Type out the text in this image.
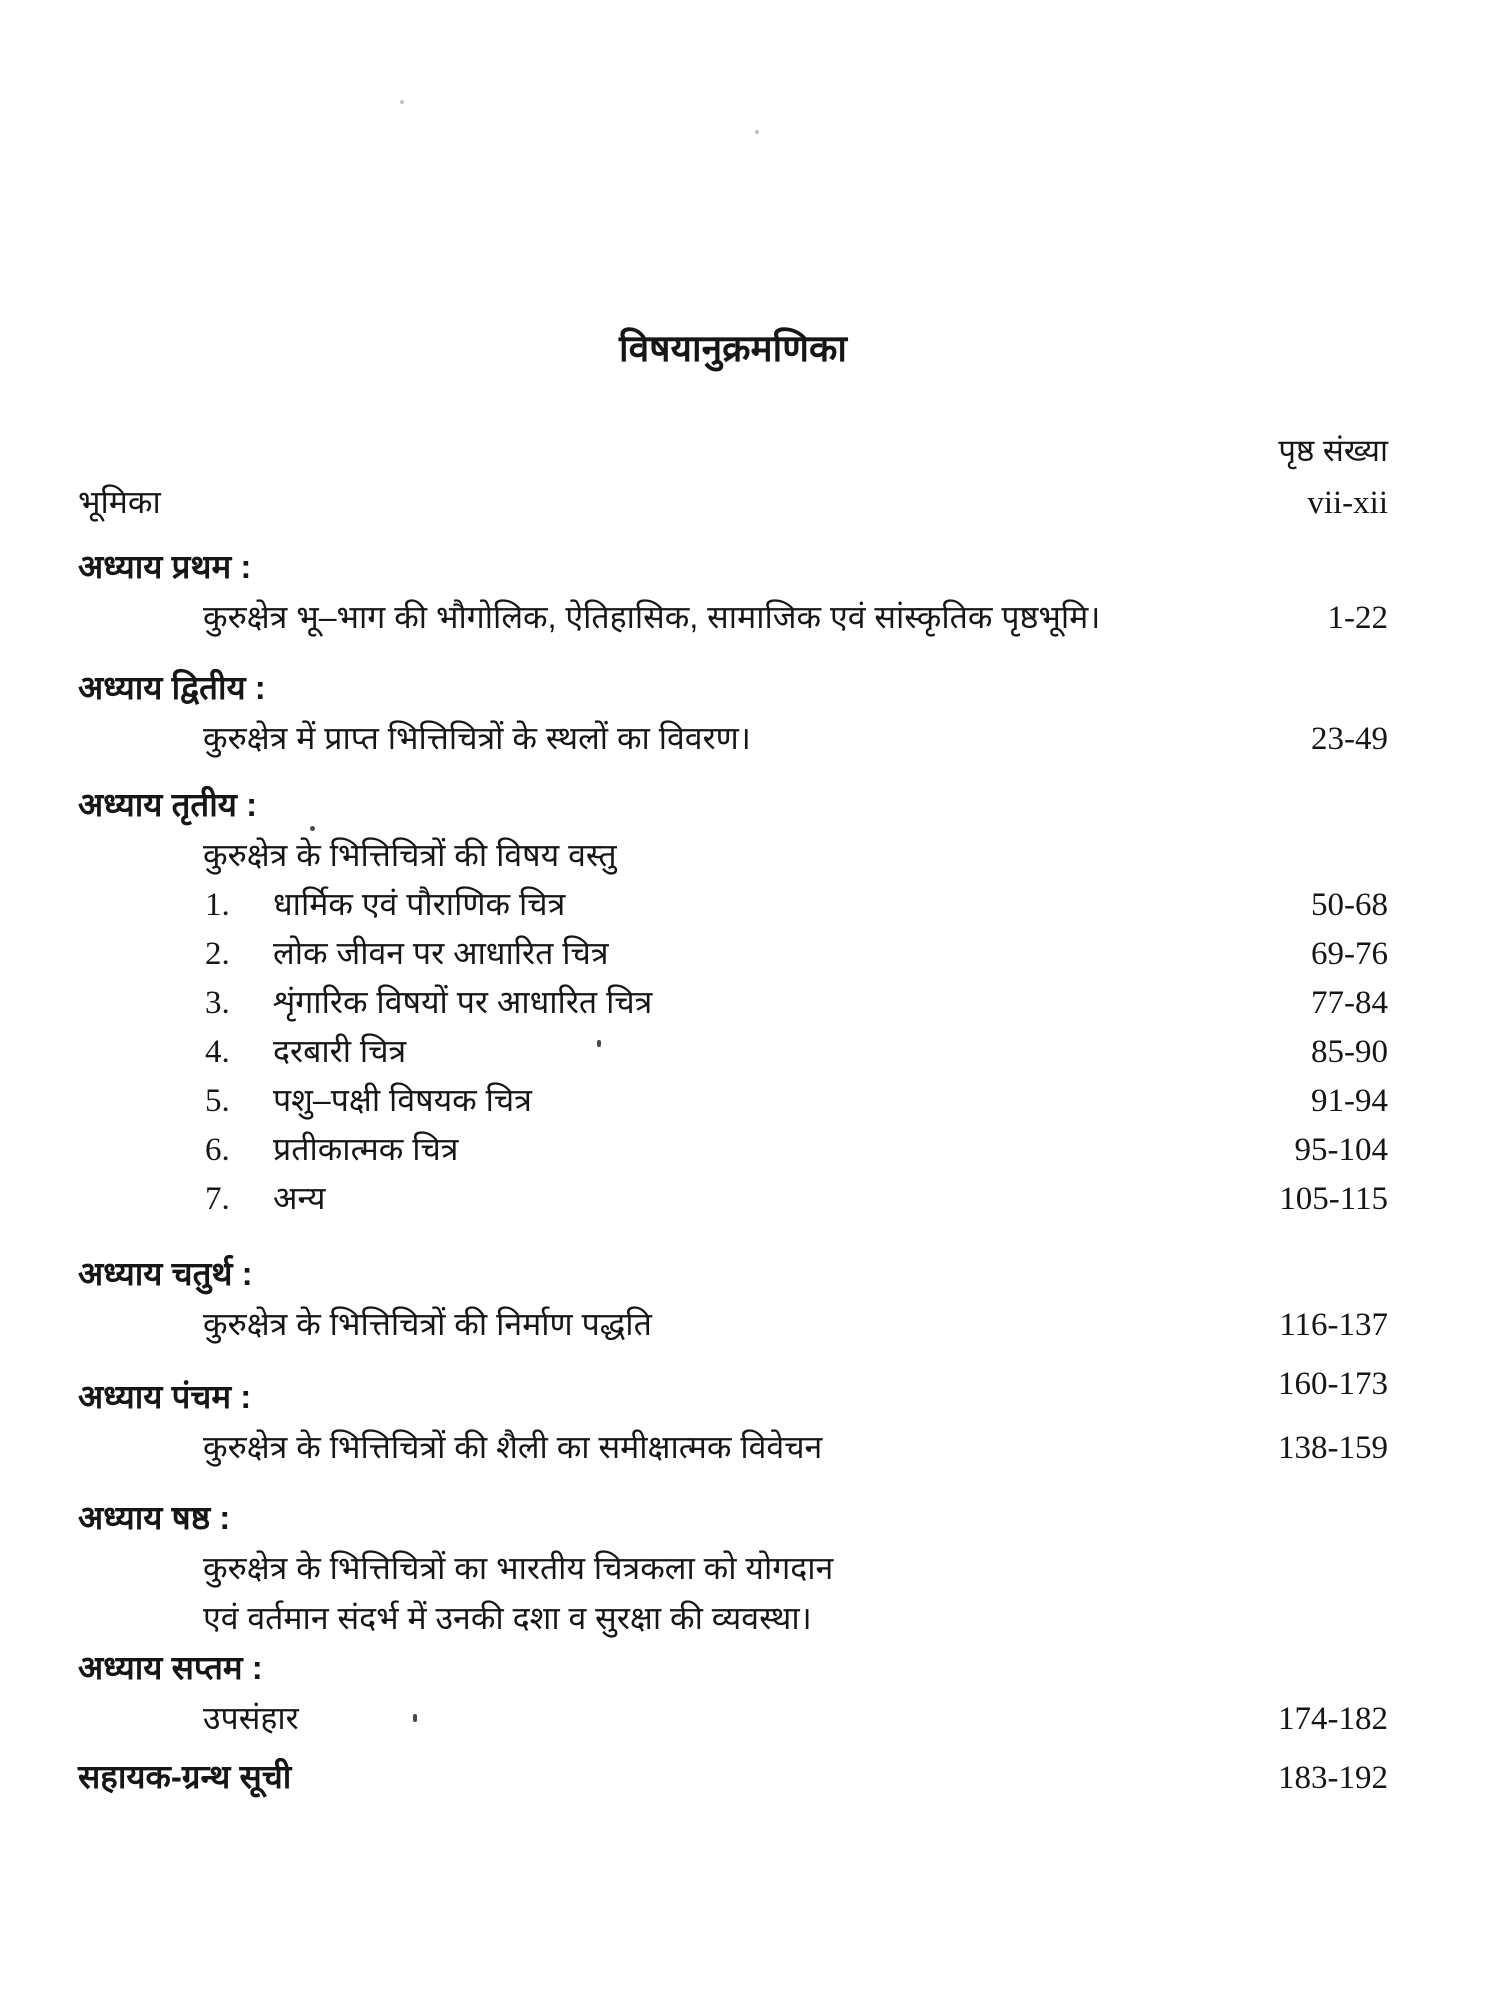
विषयानुक्रमणिका
पृष्ठ संख्या
भूमिका	vii-xii
अध्याय प्रथम :
कुरुक्षेत्र भू–भाग की भौगोलिक, ऐतिहासिक, सामाजिक एवं सांस्कृतिक पृष्ठभूमि।	1-22
अध्याय द्वितीय :
कुरुक्षेत्र में प्राप्त भित्तिचित्रों के स्थलों का विवरण।	23-49
अध्याय तृतीय :
कुरुक्षेत्र के भित्तिचित्रों की विषय वस्तु
1.	धार्मिक एवं पौराणिक चित्र	50-68
2.	लोक जीवन पर आधारित चित्र	69-76
3.	शृंगारिक विषयों पर आधारित चित्र	77-84
4.	दरबारी चित्र	85-90
5.	पशु–पक्षी विषयक चित्र	91-94
6.	प्रतीकात्मक चित्र	95-104
7.	अन्य	105-115
अध्याय चतुर्थ :
कुरुक्षेत्र के भित्तिचित्रों की निर्माण पद्धति	116-137
अध्याय पंचम :	160-173
कुरुक्षेत्र के भित्तिचित्रों की शैली का समीक्षात्मक विवेचन	138-159
अध्याय षष्ठ :
कुरुक्षेत्र के भित्तिचित्रों का भारतीय चित्रकला को योगदान
एवं वर्तमान संदर्भ में उनकी दशा व सुरक्षा की व्यवस्था।
अध्याय सप्तम :
उपसंहार	174-182
सहायक-ग्रन्थ सूची	183-192
